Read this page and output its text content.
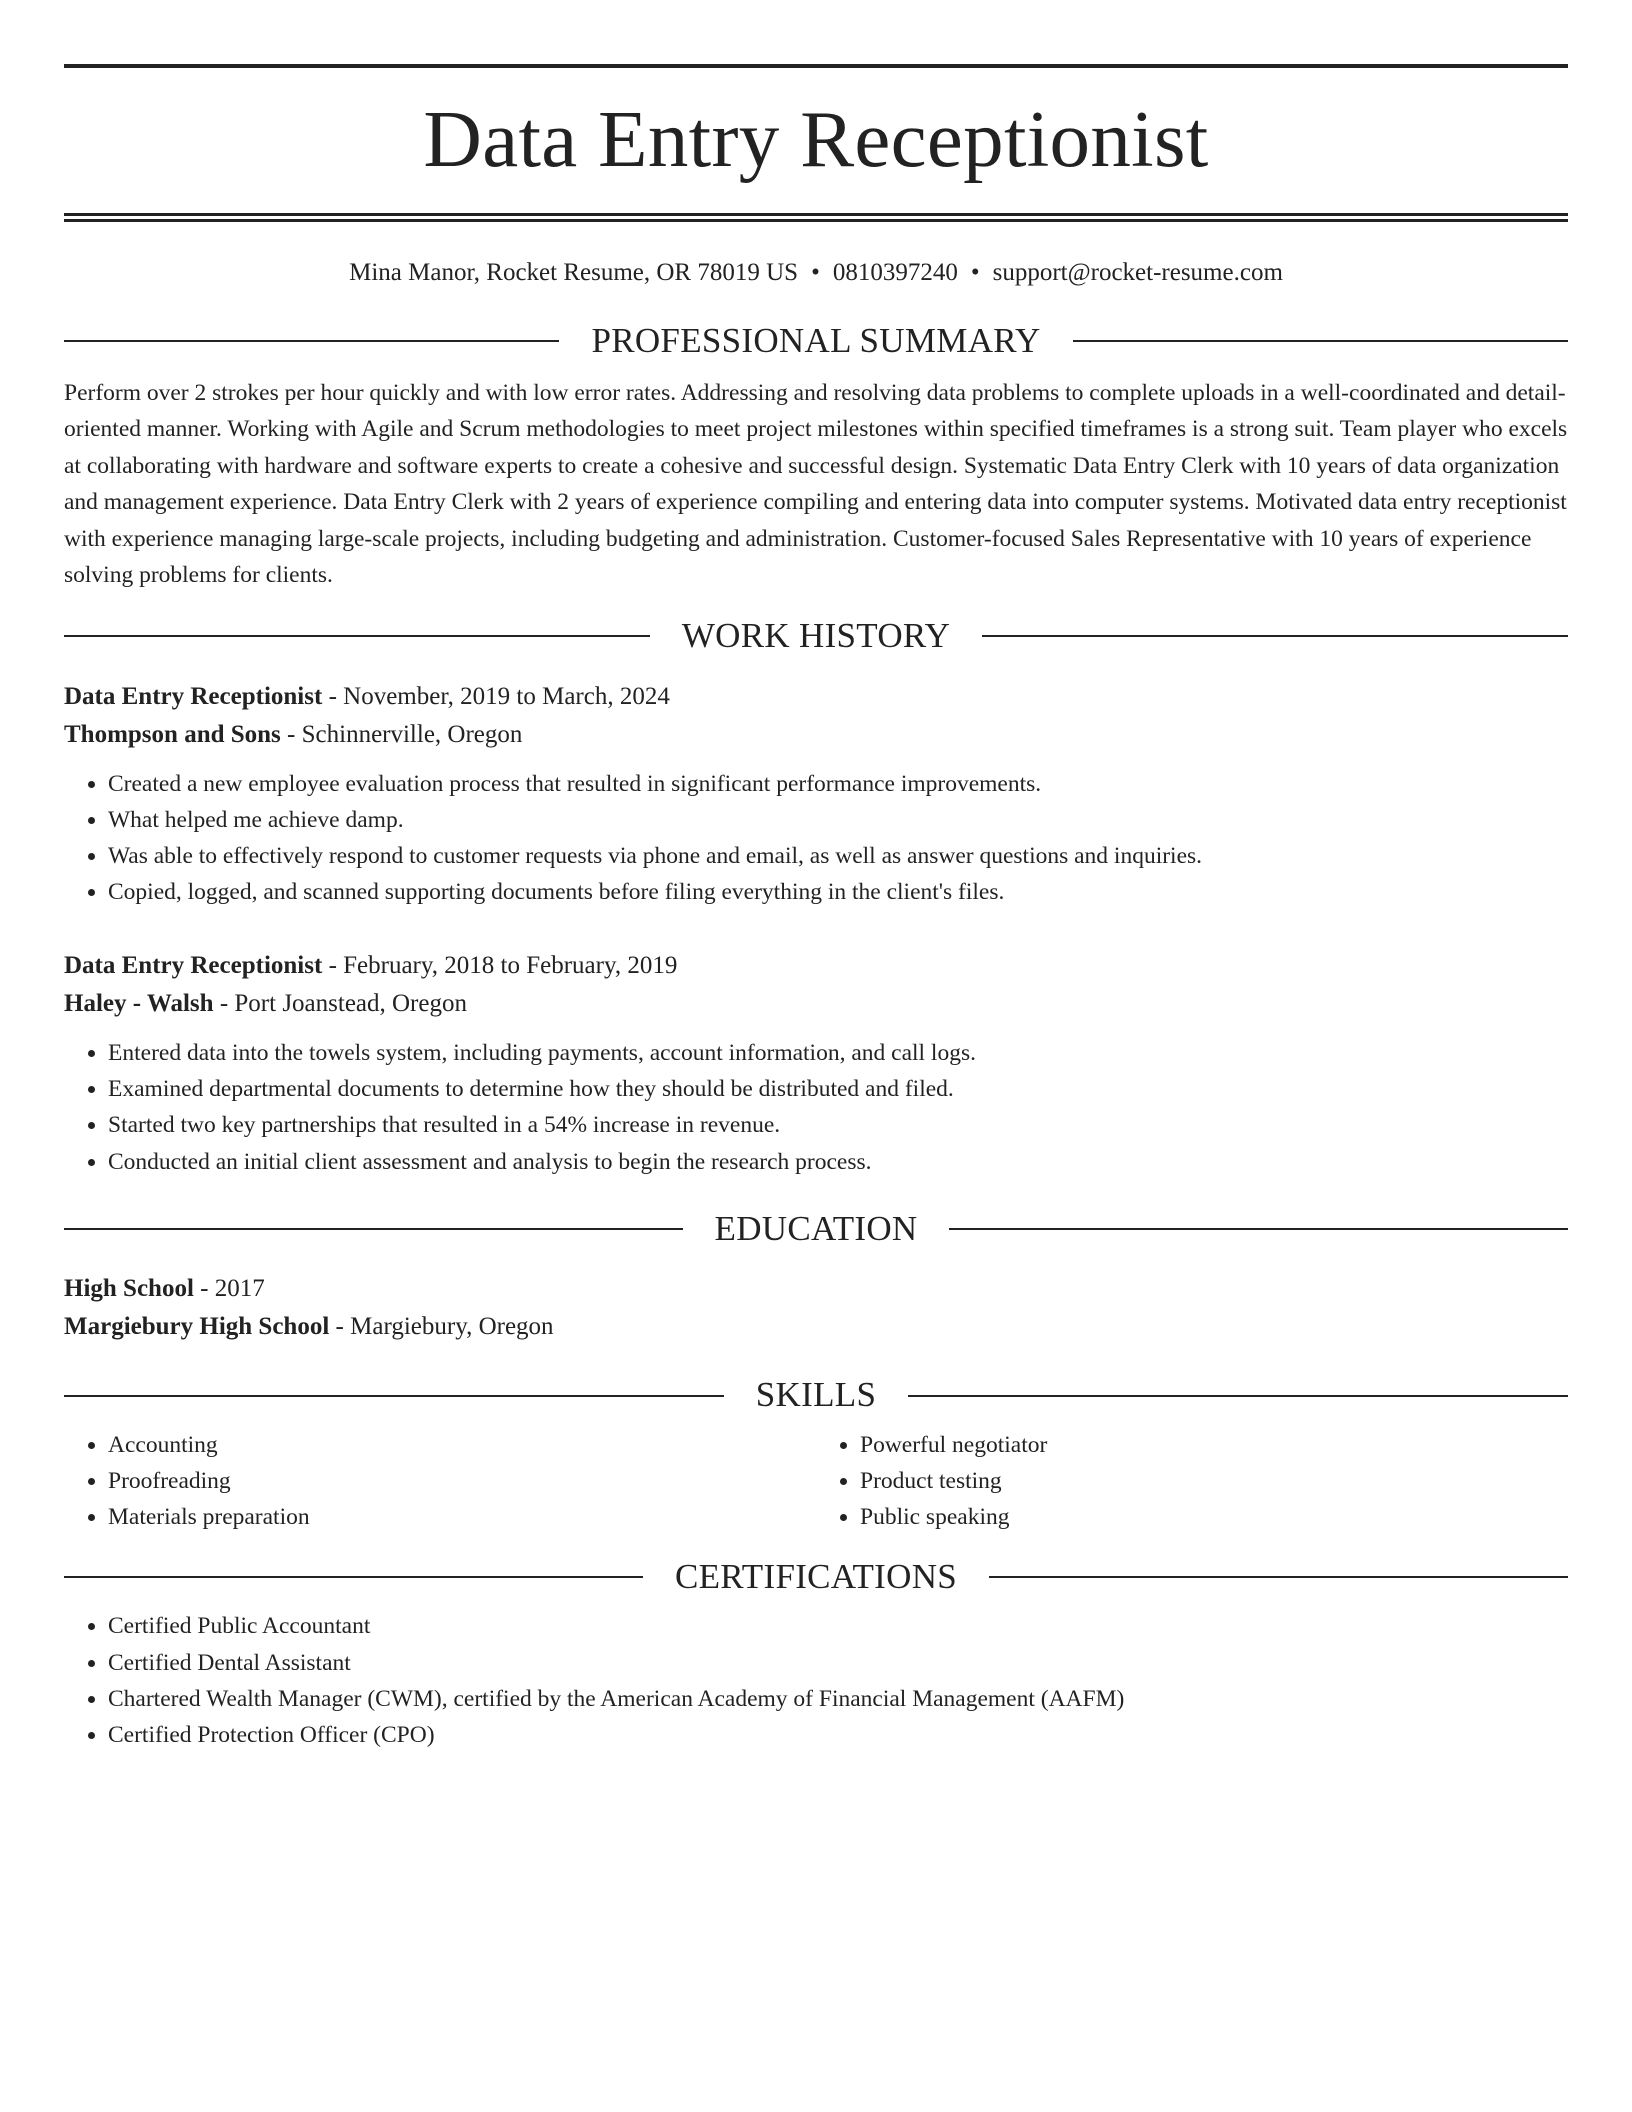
Data Entry Receptionist
Mina Manor, Rocket Resume, OR 78019 US • 0810397240 • support@rocket-resume.com
PROFESSIONAL SUMMARY

Perform over 2 strokes per hour quickly and with low error rates. Addressing and resolving data problems to complete uploads in a well-coordinated and detail-oriented manner. Working with Agile and Scrum methodologies to meet project milestones within specified timeframes is a strong suit. Team player who excels at collaborating with hardware and software experts to create a cohesive and successful design. Systematic Data Entry Clerk with 10 years of data organization and management experience. Data Entry Clerk with 2 years of experience compiling and entering data into computer systems. Motivated data entry receptionist with experience managing large-scale projects, including budgeting and administration. Customer-focused Sales Representative with 10 years of experience solving problems for clients.

WORK HISTORY
Data Entry Receptionist - November, 2019 to March, 2024
Thompson and Sons - Schinnerville, Oregon
• Created a new employee evaluation process that resulted in significant performance improvements.
• What helped me achieve damp.
• Was able to effectively respond to customer requests via phone and email, as well as answer questions and inquiries.
• Copied, logged, and scanned supporting documents before filing everything in the client's files.
Data Entry Receptionist - February, 2018 to February, 2019
Haley - Walsh - Port Joanstead, Oregon
• Entered data into the towels system, including payments, account information, and call logs.
• Examined departmental documents to determine how they should be distributed and filed.
• Started two key partnerships that resulted in a 54% increase in revenue.
• Conducted an initial client assessment and analysis to begin the research process.
EDUCATION
High School - 2017
Margiebury High School - Margiebury, Oregon
SKILLS
• Accounting
• Proofreading
• Materials preparation
• Powerful negotiator
• Product testing
• Public speaking
CERTIFICATIONS
• Certified Public Accountant
• Certified Dental Assistant
• Chartered Wealth Manager (CWM), certified by the American Academy of Financial Management (AAFM)
• Certified Protection Officer (CPO)
